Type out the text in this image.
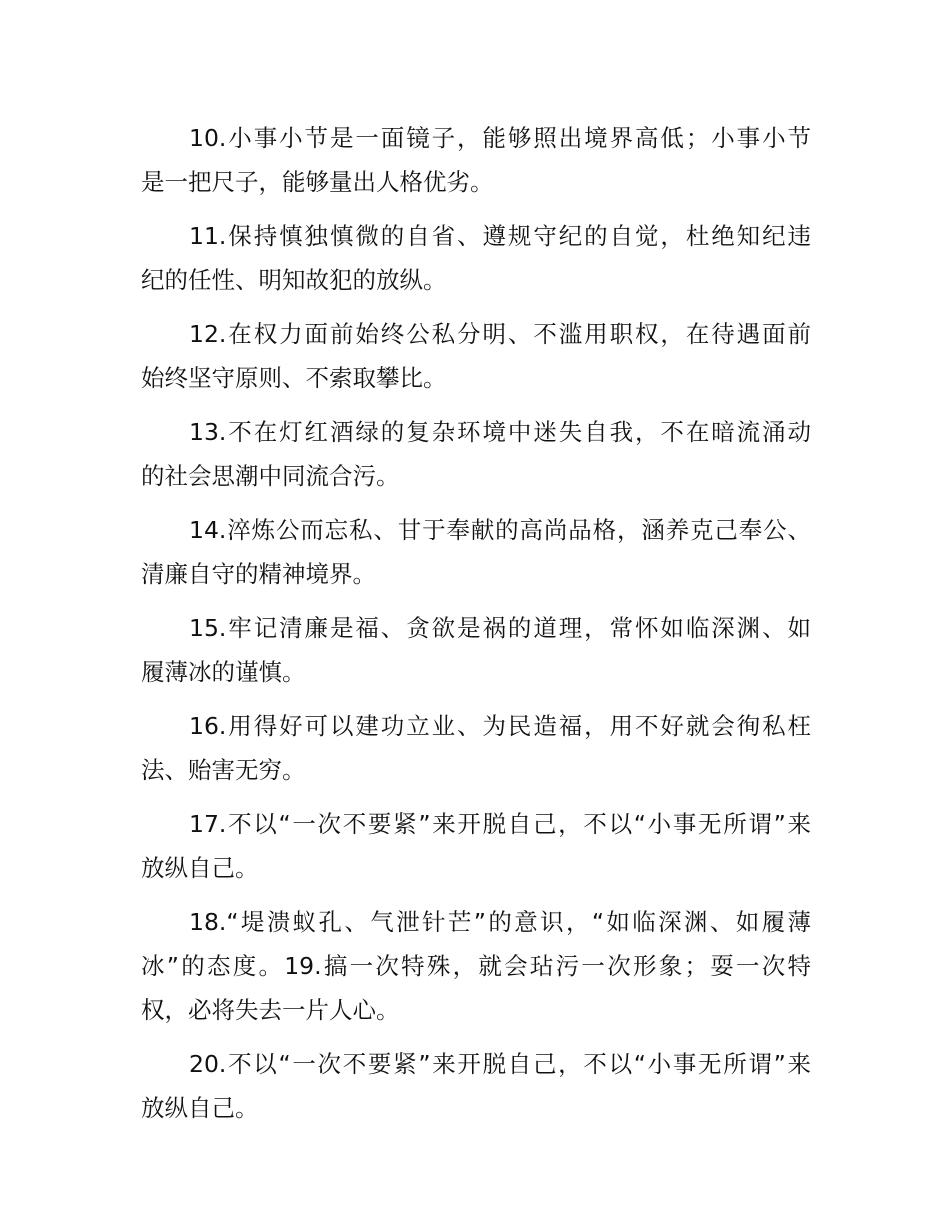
10.小事小节是一面镜子，能够照出境界高低；小事小节
是一把尺子，能够量出人格优劣。
11.保持慎独慎微的自省、遵规守纪的自觉，杜绝知纪违
纪的任性、明知故犯的放纵。
12.在权力面前始终公私分明、不滥用职权，在待遇面前
始终坚守原则、不索取攀比。
13.不在灯红酒绿的复杂环境中迷失自我，不在暗流涌动
的社会思潮中同流合污。
14.淬炼公而忘私、甘于奉献的高尚品格，涵养克己奉公、
清廉自守的精神境界。
15.牢记清廉是福、贪欲是祸的道理，常怀如临深渊、如
履薄冰的谨慎。
16.用得好可以建功立业、为民造福，用不好就会徇私枉
法、贻害无穷。
17.不以“一次不要紧”来开脱自己，不以“小事无所谓”来
放纵自己。
18.“堤溃蚁孔、气泄针芒”的意识，“如临深渊、如履薄
冰”的态度。19.搞一次特殊，就会玷污一次形象；耍一次特
权，必将失去一片人心。
20.不以“一次不要紧”来开脱自己，不以“小事无所谓”来
放纵自己。
